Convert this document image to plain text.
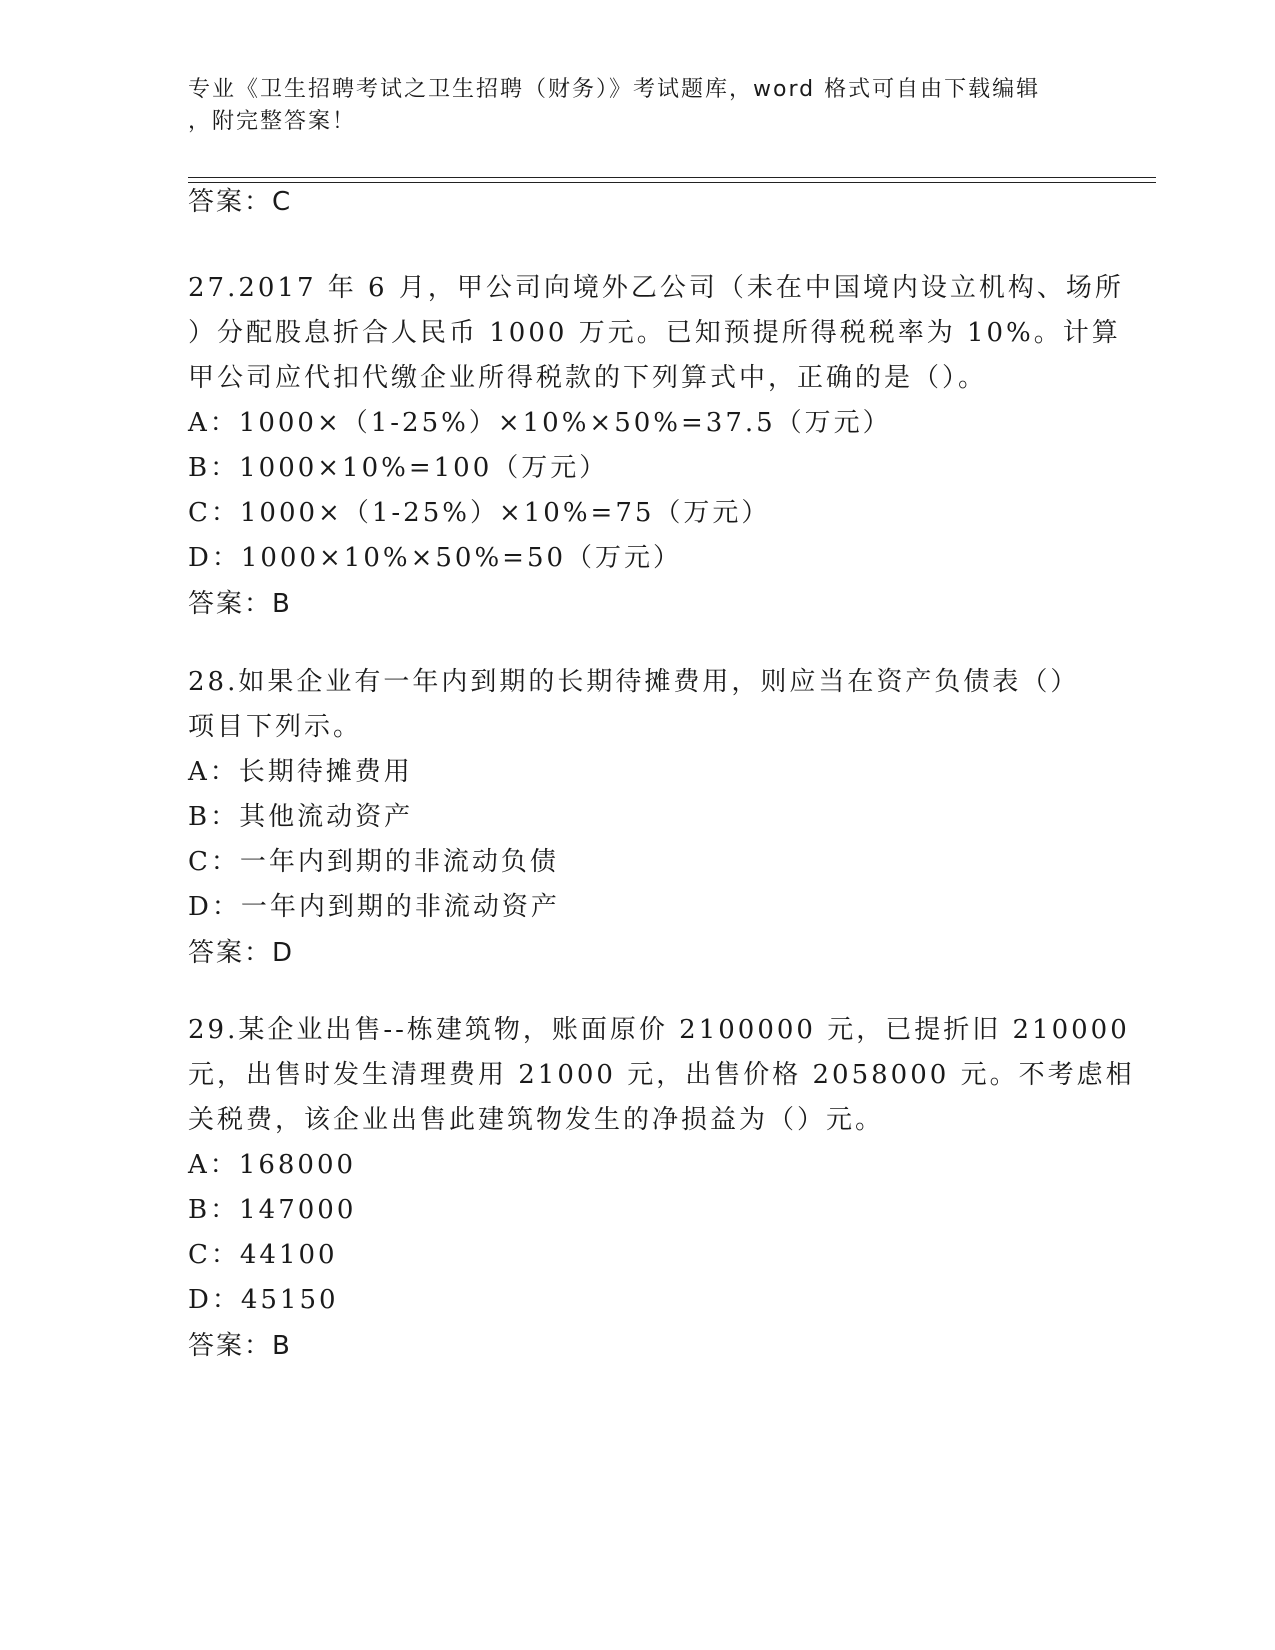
专业《卫生招聘考试之卫生招聘（财务）》考试题库，word 格式可自由下载编辑
，附完整答案！
答案：C
27.2017 年 6 月，甲公司向境外乙公司（未在中国境内设立机构、场所
）分配股息折合人民币 1000 万元。已知预提所得税税率为 10%。计算
甲公司应代扣代缴企业所得税款的下列算式中，正确的是（）。
A：1000×（1-25%）×10%×50%=37.5（万元）
B：1000×10%=100（万元）
C：1000×（1-25%）×10%=75（万元）
D：1000×10%×50%=50（万元）
答案：B
28.如果企业有一年内到期的长期待摊费用，则应当在资产负债表（）
项目下列示。
A：长期待摊费用
B：其他流动资产
C：一年内到期的非流动负债
D：一年内到期的非流动资产
答案：D
29.某企业出售--栋建筑物，账面原价 2100000 元，已提折旧 210000
元，出售时发生清理费用 21000 元，出售价格 2058000 元。不考虑相
关税费，该企业出售此建筑物发生的净损益为（）元。
A：168000
B：147000
C：44100
D：45150
答案：B
